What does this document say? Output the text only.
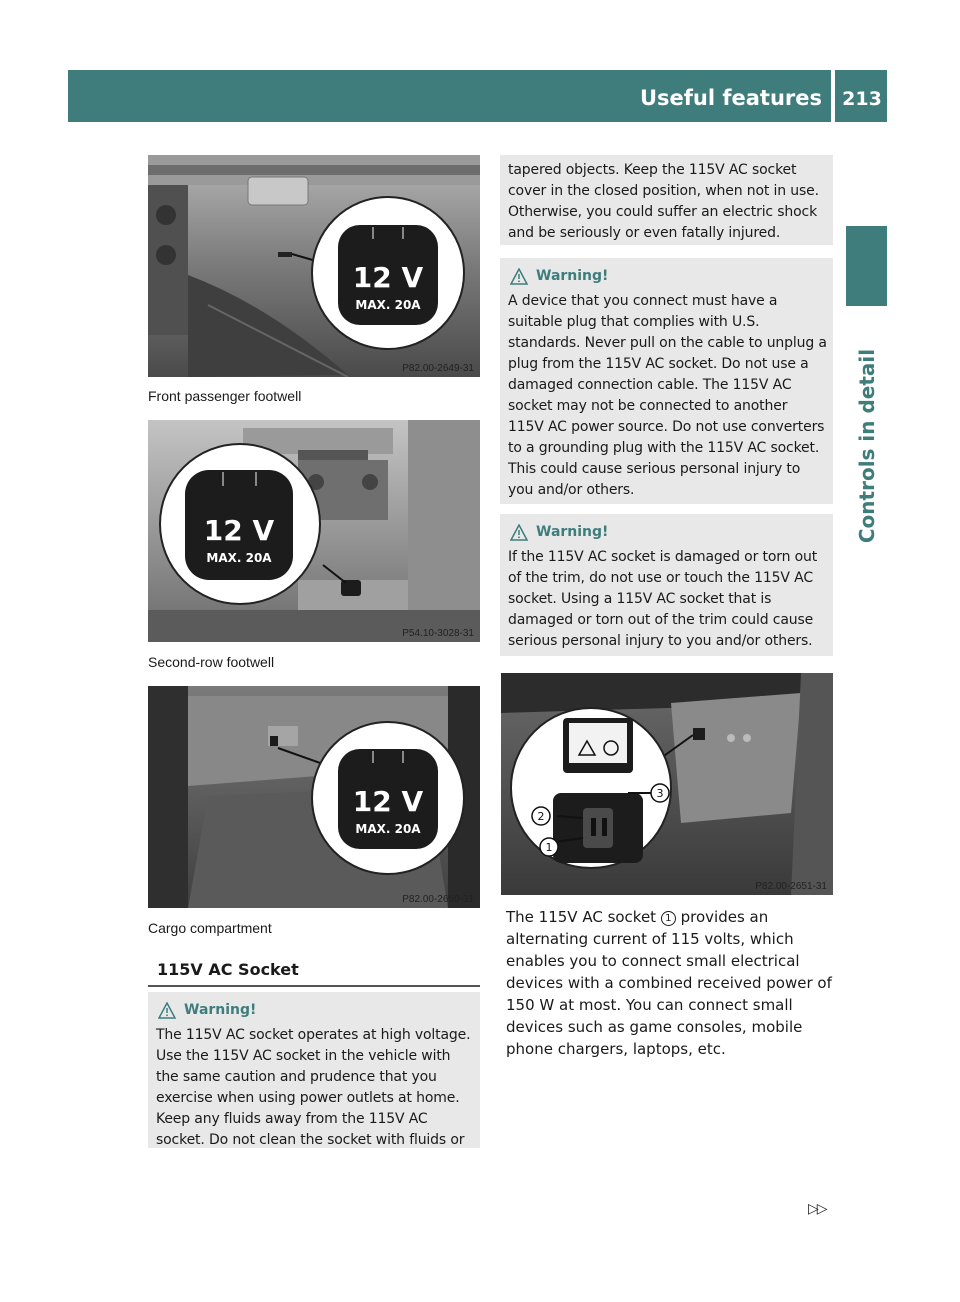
Useful features 213
Controls in detail
12 V
MAX. 20A
P82.00-2649-31
Front passenger footwell
12 V
MAX. 20A
P54.10-3028-31
Second-row footwell
12 V
MAX. 20A
P82.00-2650-31
Cargo compartment
115V AC Socket
Warning!
The 115V AC socket operates at high voltage. Use the 115V AC socket in the vehicle with the same caution and prudence that you exercise when using power outlets at home. Keep any fluids away from the 115V AC socket. Do not clean the socket with fluids or
tapered objects. Keep the 115V AC socket cover in the closed position, when not in use. Otherwise, you could suffer an electric shock and be seriously or even fatally injured.
Warning!
A device that you connect must have a suitable plug that complies with U.S. standards. Never pull on the cable to unplug a plug from the 115V AC socket. Do not use a damaged connection cable. The 115V AC socket may not be connected to another 115V AC power source. Do not use converters to a grounding plug with the 115V AC socket. This could cause serious personal injury to you and/or others.
Warning!
If the 115V AC socket is damaged or torn out of the trim, do not use or touch the 115V AC socket. Using a 115V AC socket that is damaged or torn out of the trim could cause serious personal injury to you and/or others.
2
1
3
P82.00-2651-31
The 115V AC socket 1 provides an alternating current of 115 volts, which enables you to connect small electrical devices with a combined received power of 150 W at most. You can connect small devices such as game consoles, mobile phone chargers, laptops, etc.
▷▷
